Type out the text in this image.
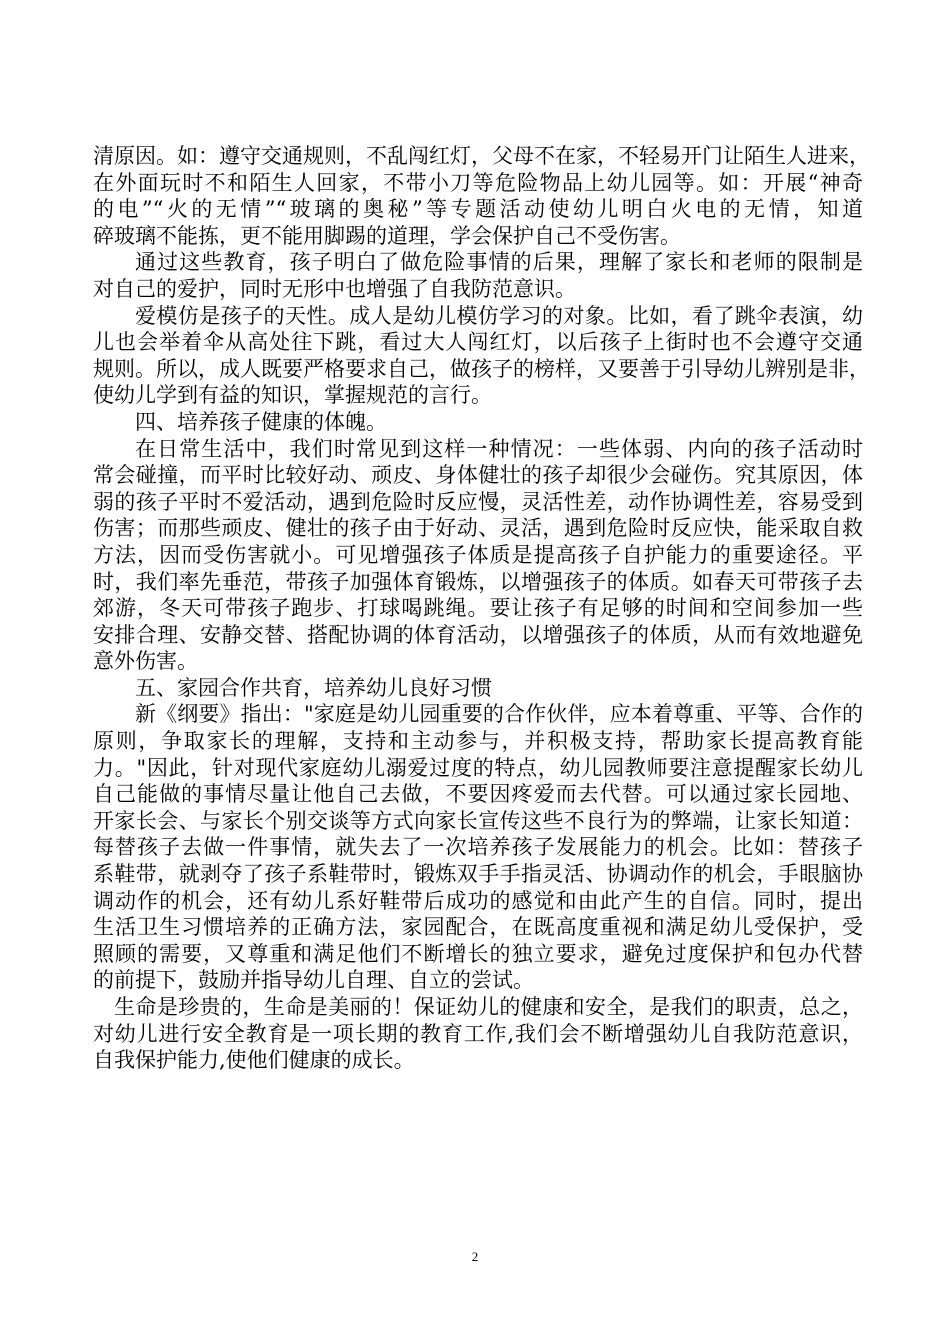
清原因。如：遵守交通规则，不乱闯红灯，父母不在家，不轻易开门让陌生人进来，
在外面玩时不和陌生人回家，不带小刀等危险物品上幼儿园等。如：开展“神奇
的电”“火的无情”“玻璃的奥秘”等专题活动使幼儿明白火电的无情，知道
碎玻璃不能拣，更不能用脚踢的道理，学会保护自己不受伤害。
通过这些教育，孩子明白了做危险事情的后果，理解了家长和老师的限制是
对自己的爱护，同时无形中也增强了自我防范意识。
爱模仿是孩子的天性。成人是幼儿模仿学习的对象。比如，看了跳伞表演，幼
儿也会举着伞从高处往下跳，看过大人闯红灯，以后孩子上街时也不会遵守交通
规则。所以，成人既要严格要求自己，做孩子的榜样，又要善于引导幼儿辨别是非，
使幼儿学到有益的知识，掌握规范的言行。
四、培养孩子健康的体魄。
在日常生活中，我们时常见到这样一种情况：一些体弱、内向的孩子活动时
常会碰撞，而平时比较好动、顽皮、身体健壮的孩子却很少会碰伤。究其原因，体
弱的孩子平时不爱活动，遇到危险时反应慢，灵活性差，动作协调性差，容易受到
伤害；而那些顽皮、健壮的孩子由于好动、灵活，遇到危险时反应快，能采取自救
方法，因而受伤害就小。可见增强孩子体质是提高孩子自护能力的重要途径。平
时，我们率先垂范，带孩子加强体育锻炼，以增强孩子的体质。如春天可带孩子去
郊游，冬天可带孩子跑步、打球喝跳绳。要让孩子有足够的时间和空间参加一些
安排合理、安静交替、搭配协调的体育活动，以增强孩子的体质，从而有效地避免
意外伤害。
五、家园合作共育，培养幼儿良好习惯
新《纲要》指出："家庭是幼儿园重要的合作伙伴，应本着尊重、平等、合作的
原则，争取家长的理解，支持和主动参与，并积极支持，帮助家长提高教育能
力。"因此，针对现代家庭幼儿溺爱过度的特点，幼儿园教师要注意提醒家长幼儿
自己能做的事情尽量让他自己去做，不要因疼爱而去代替。可以通过家长园地、
开家长会、与家长个别交谈等方式向家长宣传这些不良行为的弊端，让家长知道：
每替孩子去做一件事情，就失去了一次培养孩子发展能力的机会。比如：替孩子
系鞋带，就剥夺了孩子系鞋带时，锻炼双手手指灵活、协调动作的机会，手眼脑协
调动作的机会，还有幼儿系好鞋带后成功的感觉和由此产生的自信。同时，提出
生活卫生习惯培养的正确方法，家园配合，在既高度重视和满足幼儿受保护，受
照顾的需要，又尊重和满足他们不断增长的独立要求，避免过度保护和包办代替
的前提下，鼓励并指导幼儿自理、自立的尝试。
生命是珍贵的，生命是美丽的！保证幼儿的健康和安全，是我们的职责，总之，
对幼儿进行安全教育是一项长期的教育工作,我们会不断增强幼儿自我防范意识，
自我保护能力,使他们健康的成长。
2
